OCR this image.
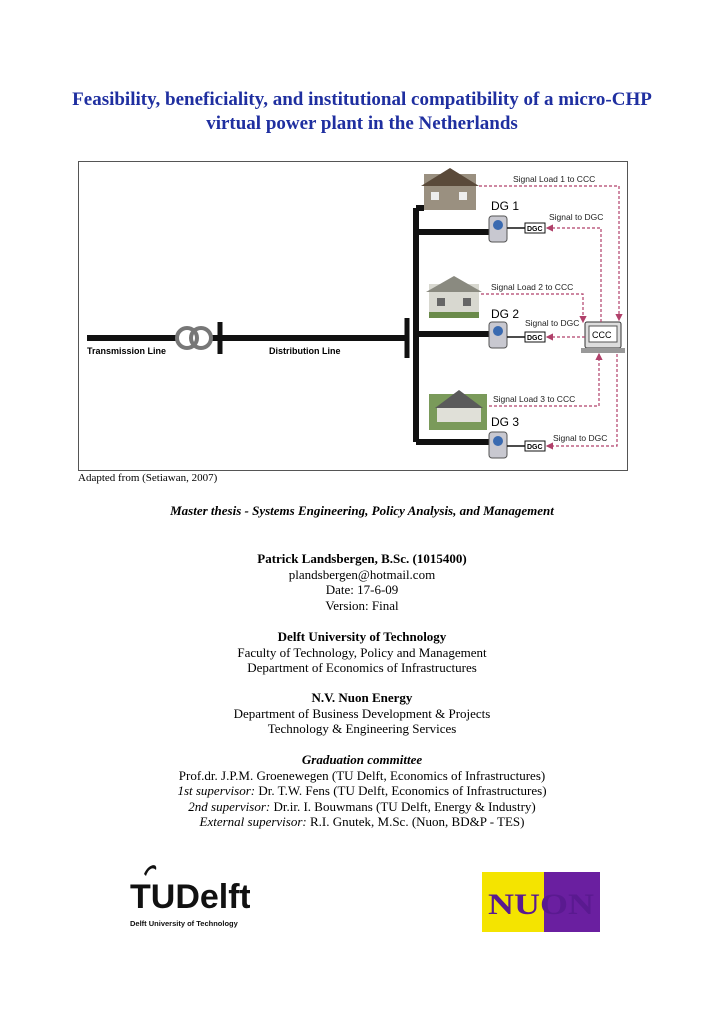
Feasibility, beneficiality, and institutional compatibility of a micro-CHP
virtual power plant in the Netherlands
Transmission Line	Distribution Line
DG 1
DG 2
DG 3
DGC
DGC
DGC
CCC
Signal Load 1 to CCC
Signal to DGC
Signal Load 2 to CCC
Signal to DGC
Signal Load 3 to CCC
Signal to DGC
Adapted from (Setiawan, 2007)
Master thesis - Systems Engineering, Policy Analysis, and Management
Patrick Landsbergen, B.Sc. (1015400)
plandsbergen@hotmail.com
Date: 17-6-09
Version: Final
Delft University of Technology
Faculty of Technology, Policy and Management
Department of Economics of Infrastructures
N.V. Nuon Energy
Department of Business Development & Projects
Technology & Engineering Services
Graduation committee
Prof.dr. J.P.M. Groenewegen (TU Delft, Economics of Infrastructures)
1st supervisor: Dr. T.W. Fens (TU Delft, Economics of Infrastructures)
2nd supervisor: Dr.ir. I. Bouwmans (TU Delft, Energy & Industry)
External supervisor: R.I. Gnutek, M.Sc. (Nuon, BD&P - TES)
TUDelft
Delft University of Technology
NUON
